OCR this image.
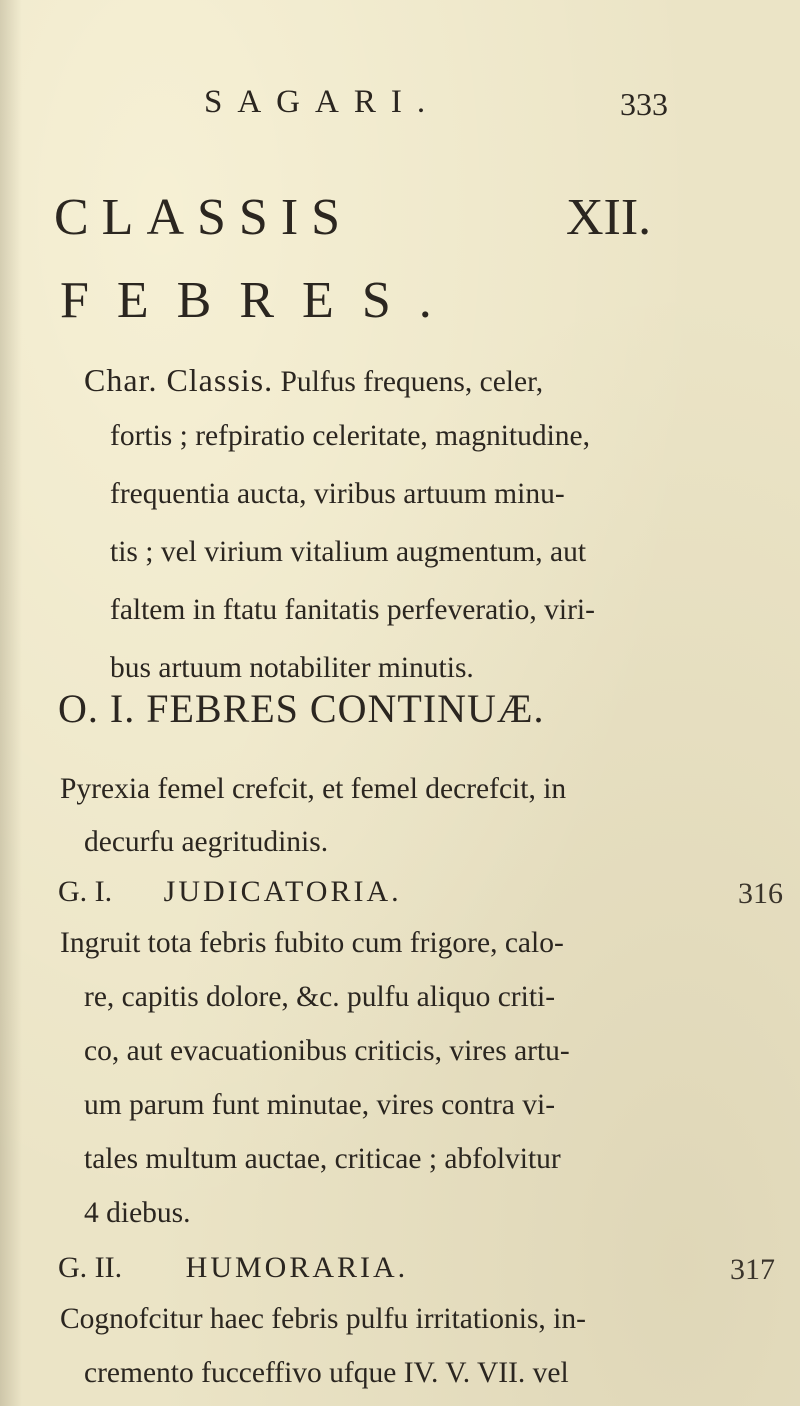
SAGARI.	333
CLASSIS	XII.
FEBRES.
Char. Classis. Pulfus frequens, celer,
fortis ; refpiratio celeritate, magnitudine,
frequentia aucta, viribus artuum minu-
tis ; vel virium vitalium augmentum, aut
faltem in ftatu fanitatis perfeveratio, viri-
bus artuum notabiliter minutis.
O. I. FEBRES CONTINUÆ.
Pyrexia femel crefcit, et femel decrefcit, in
decurfu aegritudinis.
G. I. JUDICATORIA.	316
Ingruit tota febris fubito cum frigore, calo-
re, capitis dolore, &c. pulfu aliquo criti-
co, aut evacuationibus criticis, vires artu-
um parum funt minutae, vires contra vi-
tales multum auctae, criticae ; abfolvitur
4 diebus.
G. II. HUMORARIA.	317
Cognofcitur haec febris pulfu irritationis, in-
cremento fucceffivo ufque IV. V. VII. vel
